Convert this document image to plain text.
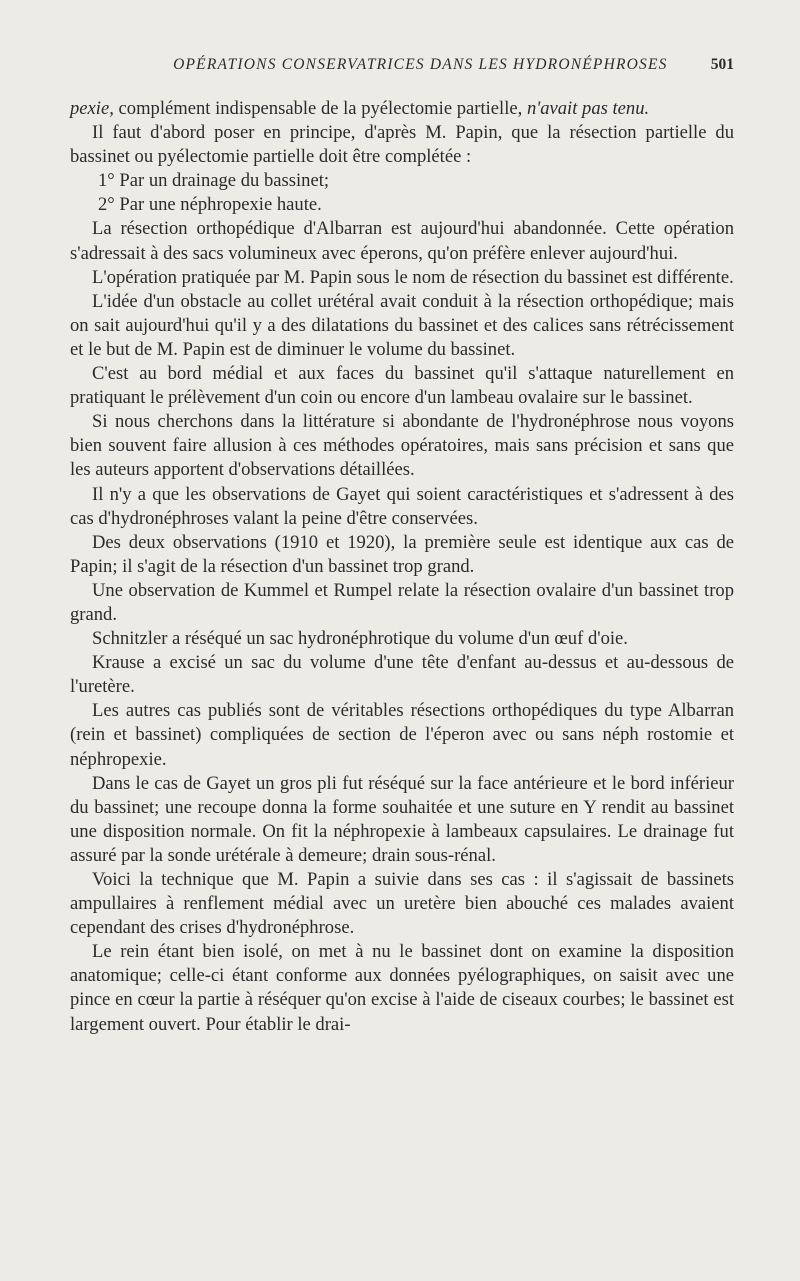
OPÉRATIONS CONSERVATRICES DANS LES HYDRONÉPHROSES	501

pexie, complément indispensable de la pyélectomie partielle, n'avait pas tenu.

Il faut d'abord poser en principe, d'après M. Papin, que la résection partielle du bassinet ou pyélectomie partielle doit être complétée :

1° Par un drainage du bassinet;

2° Par une néphropexie haute.

La résection orthopédique d'Albarran est aujourd'hui abandonnée. Cette opération s'adressait à des sacs volumineux avec éperons, qu'on préfère enlever aujourd'hui.

L'opération pratiquée par M. Papin sous le nom de résection du bassinet est différente.

L'idée d'un obstacle au collet urétéral avait conduit à la résection orthopédique; mais on sait aujourd'hui qu'il y a des dilatations du bassinet et des calices sans rétrécissement et le but de M. Papin est de diminuer le volume du bassinet.

C'est au bord médial et aux faces du bassinet qu'il s'attaque naturellement en pratiquant le prélèvement d'un coin ou encore d'un lambeau ovalaire sur le bassinet.

Si nous cherchons dans la littérature si abondante de l'hydronéphrose nous voyons bien souvent faire allusion à ces méthodes opératoires, mais sans précision et sans que les auteurs apportent d'observations détaillées.

Il n'y a que les observations de Gayet qui soient caractéristiques et s'adressent à des cas d'hydronéphroses valant la peine d'être conservées.

Des deux observations (1910 et 1920), la première seule est identique aux cas de Papin; il s'agit de la résection d'un bassinet trop grand.

Une observation de Kummel et Rumpel relate la résection ovalaire d'un bassinet trop grand.

Schnitzler a réséqué un sac hydronéphrotique du volume d'un œuf d'oie.

Krause a excisé un sac du volume d'une tête d'enfant au-dessus et au-dessous de l'uretère.

Les autres cas publiés sont de véritables résections orthopédiques du type Albarran (rein et bassinet) compliquées de section de l'éperon avec ou sans néph rostomie et néphropexie.

Dans le cas de Gayet un gros pli fut réséqué sur la face antérieure et le bord inférieur du bassinet; une recoupe donna la forme souhaitée et une suture en Y rendit au bassinet une disposition normale. On fit la néphropexie à lambeaux capsulaires. Le drainage fut assuré par la sonde urétérale à demeure; drain sous-rénal.

Voici la technique que M. Papin a suivie dans ses cas : il s'agissait de bassinets ampullaires à renflement médial avec un uretère bien abouché ces malades avaient cependant des crises d'hydronéphrose.

Le rein étant bien isolé, on met à nu le bassinet dont on examine la disposition anatomique; celle-ci étant conforme aux données pyélographiques, on saisit avec une pince en cœur la partie à réséquer qu'on excise à l'aide de ciseaux courbes; le bassinet est largement ouvert. Pour établir le drai-
